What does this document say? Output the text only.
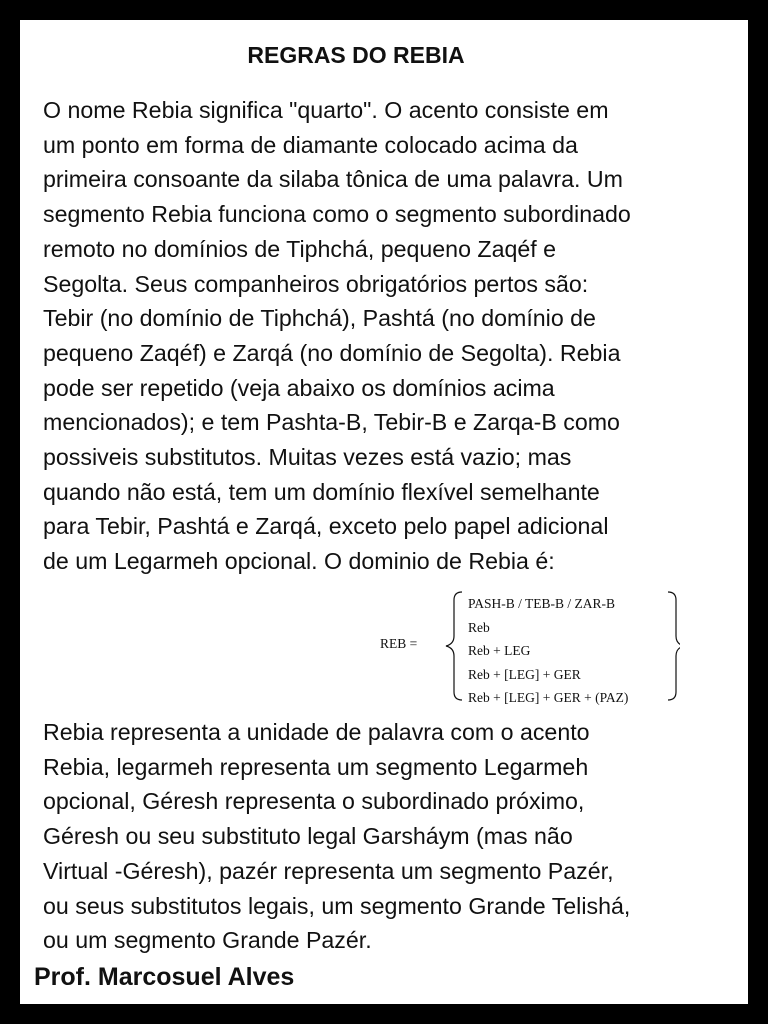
REGRAS DO REBIA

O nome Rebia significa "quarto". O acento consiste em
um ponto em forma de diamante colocado acima da
primeira consoante da silaba tônica de uma palavra. Um
segmento Rebia funciona como o segmento subordinado
remoto no domínios de Tiphchá, pequeno Zaqéf e
Segolta. Seus companheiros obrigatórios pertos são:
Tebir (no domínio de Tiphchá), Pashtá (no domínio de
pequeno Zaqéf) e Zarqá (no domínio de Segolta). Rebia
pode ser repetido (veja abaixo os domínios acima
mencionados); e tem Pashta-B, Tebir-B e Zarqa-B como
possiveis substitutos. Muitas vezes está vazio; mas
quando não está, tem um domínio flexível semelhante
para Tebir, Pashtá e Zarqá, exceto pelo papel adicional
de um Legarmeh opcional. O dominio de Rebia é:

REB =
PASH-B / TEB-B / ZAR-B
Reb
Reb + LEG
Reb + [LEG] + GER
Reb + [LEG] + GER + (PAZ)

Rebia representa a unidade de palavra com o acento
Rebia, legarmeh representa um segmento Legarmeh
opcional, Géresh representa o subordinado próximo,
Géresh ou seu substituto legal Garsháym (mas não
Virtual -Géresh), pazér representa um segmento Pazér,
ou seus substitutos legais, um segmento Grande Telishá,
ou um segmento Grande Pazér.

Prof. Marcosuel Alves
